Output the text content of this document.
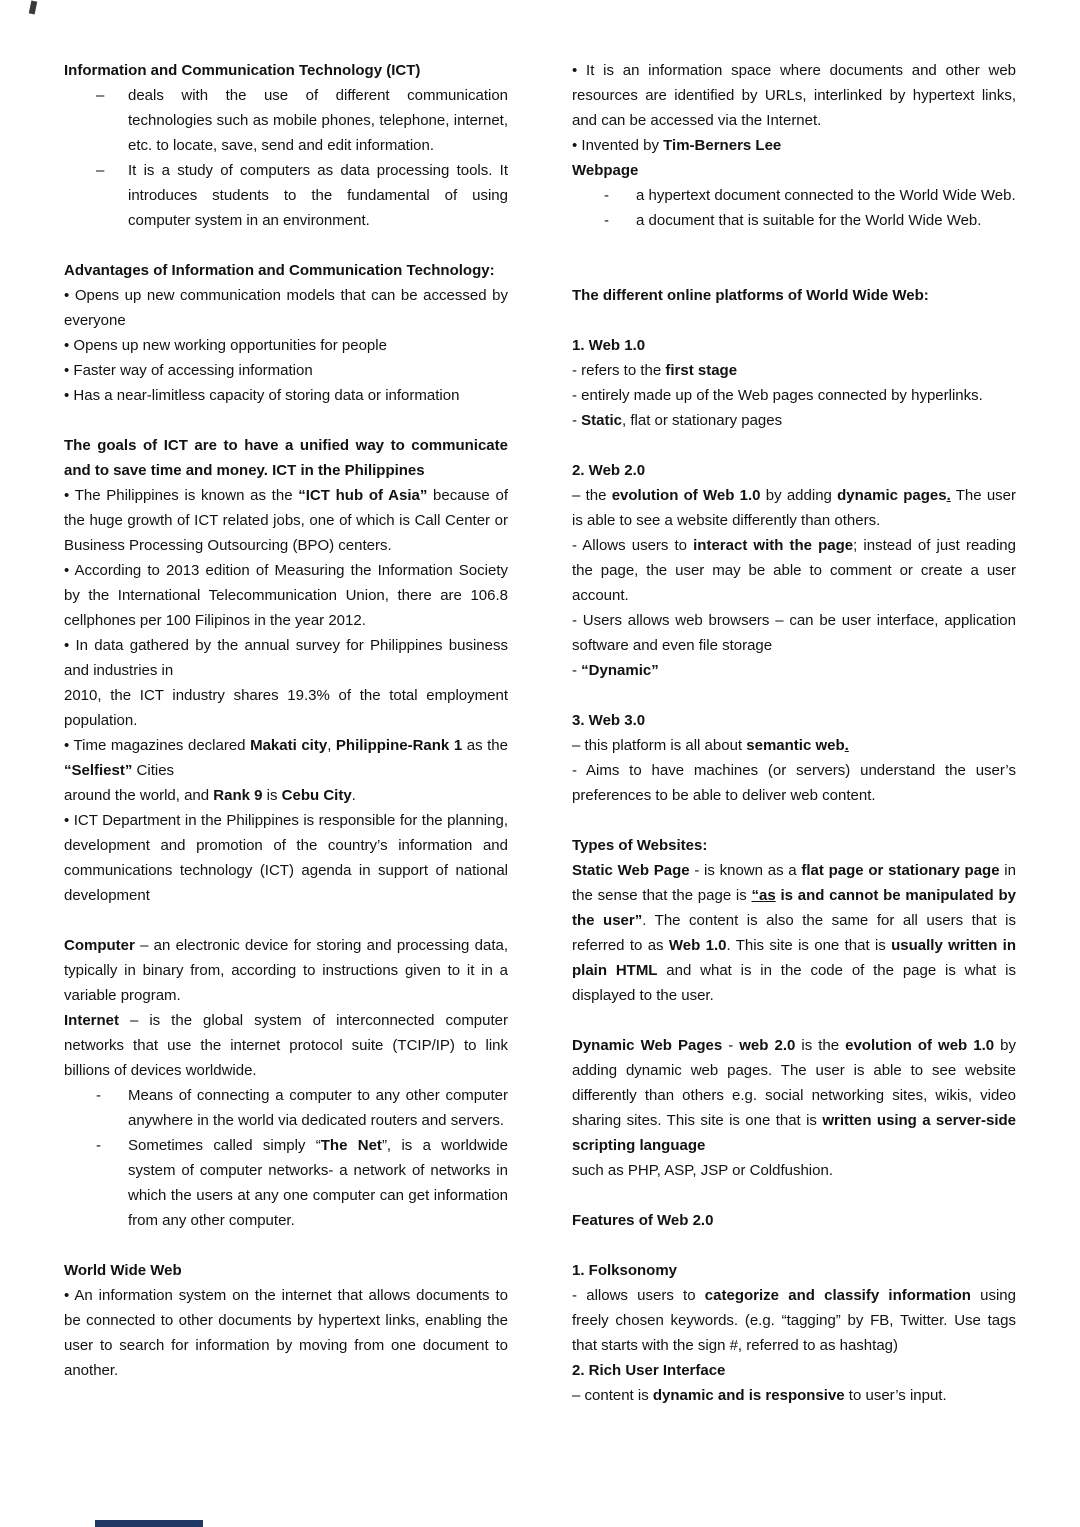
Information and Communication Technology (ICT)
–	deals with the use of different communication technologies such as mobile phones, telephone, internet, etc. to locate, save, send and edit information.
–	It is a study of computers as data processing tools. It introduces students to the fundamental of using computer system in an environment.
Advantages of Information and Communication Technology:
• Opens up new communication models that can be accessed by everyone
• Opens up new working opportunities for people
• Faster way of accessing information
• Has a near-limitless capacity of storing data or information
The goals of ICT are to have a unified way to communicate and to save time and money. ICT in the Philippines
• The Philippines is known as the “ICT hub of Asia” because of the huge growth of ICT related jobs, one of which is Call Center or Business Processing Outsourcing (BPO) centers.
• According to 2013 edition of Measuring the Information Society by the International Telecommunication Union, there are 106.8 cellphones per 100 Filipinos in the year 2012.
• In data gathered by the annual survey for Philippines business and industries in
2010, the ICT industry shares 19.3% of the total employment population.
• Time magazines declared Makati city, Philippine-Rank 1 as the “Selfiest” Cities
around the world, and Rank 9 is Cebu City.
• ICT Department in the Philippines is responsible for the planning, development and promotion of the country’s information and communications technology (ICT) agenda in support of national development
Computer – an electronic device for storing and processing data, typically in binary from, according to instructions given to it in a variable program.
Internet – is the global system of interconnected computer networks that use the internet protocol suite (TCIP/IP) to link billions of devices worldwide.
-	Means of connecting a computer to any other computer anywhere in the world via dedicated routers and servers.
-	Sometimes called simply “The Net”, is a worldwide system of computer networks- a network of networks in which the users at any one computer can get information from any other computer.
World Wide Web
• An information system on the internet that allows documents to be connected to other documents by hypertext links, enabling the user to search for information by moving from one document to another.
• It is an information space where documents and other web resources are identified by URLs, interlinked by hypertext links, and can be accessed via the Internet.
• Invented by Tim-Berners Lee
Webpage
-	a hypertext document connected to the World Wide Web.
-	a document that is suitable for the World Wide Web.
The different online platforms of World Wide Web:
1. Web 1.0
- refers to the first stage
- entirely made up of the Web pages connected by hyperlinks.
- Static, flat or stationary pages
2. Web 2.0
– the evolution of Web 1.0 by adding dynamic pages. The user is able to see a website differently than others.
- Allows users to interact with the page; instead of just reading the page, the user may be able to comment or create a user account.
- Users allows web browsers – can be user interface, application software and even file storage
- “Dynamic”
3. Web 3.0
– this platform is all about semantic web.
- Aims to have machines (or servers) understand the user’s preferences to be able to deliver web content.
Types of Websites:
Static Web Page - is known as a flat page or stationary page in the sense that the page is “as is and cannot be manipulated by the user”. The content is also the same for all users that is referred to as Web 1.0. This site is one that is usually written in plain HTML and what is in the code of the page is what is displayed to the user.
Dynamic Web Pages - web 2.0 is the evolution of web 1.0 by adding dynamic web pages. The user is able to see website differently than others e.g. social networking sites, wikis, video sharing sites. This site is one that is written using a server-side scripting language
such as PHP, ASP, JSP or Coldfushion.
Features of Web 2.0
1. Folksonomy
- allows users to categorize and classify information using freely chosen keywords. (e.g. “tagging” by FB, Twitter. Use tags that starts with the sign #, referred to as hashtag)
2. Rich User Interface
– content is dynamic and is responsive to user’s input.
